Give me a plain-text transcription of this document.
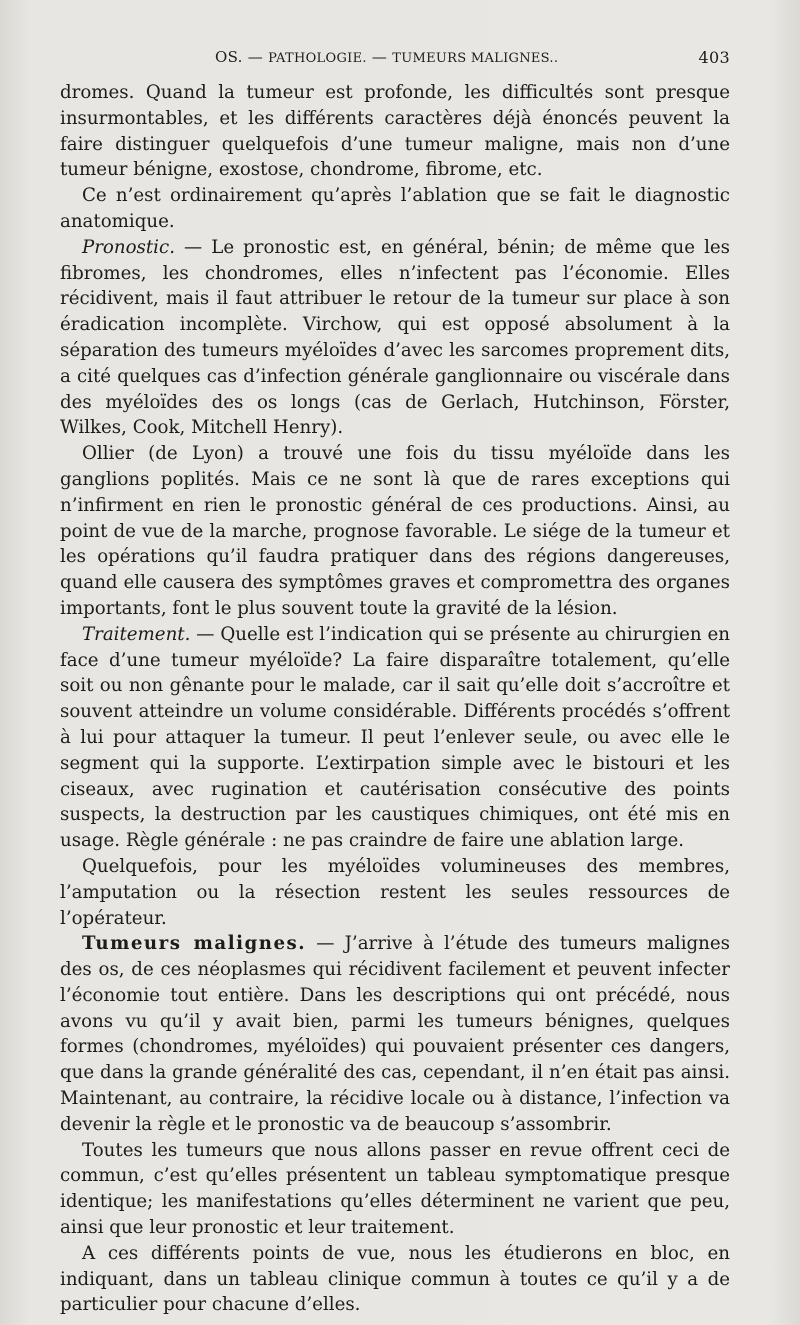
OS. — PATHOLOGIE. — TUMEURS MALIGNES..	403

dromes. Quand la tumeur est profonde, les difficultés sont presque insurmontables, et les différents caractères déjà énoncés peuvent la faire distinguer quelquefois d’une tumeur maligne, mais non d’une tumeur bénigne, exostose, chondrome, fibrome, etc.

Ce n’est ordinairement qu’après l’ablation que se fait le diagnostic anatomique.

Pronostic. — Le pronostic est, en général, bénin; de même que les fibromes, les chondromes, elles n’infectent pas l’économie. Elles récidivent, mais il faut attribuer le retour de la tumeur sur place à son éradication incomplète. Virchow, qui est opposé absolument à la séparation des tumeurs myéloïdes d’avec les sarcomes proprement dits, a cité quelques cas d’infection générale ganglionnaire ou viscérale dans des myéloïdes des os longs (cas de Gerlach, Hutchinson, Förster, Wilkes, Cook, Mitchell Henry).

Ollier (de Lyon) a trouvé une fois du tissu myéloïde dans les ganglions poplités. Mais ce ne sont là que de rares exceptions qui n’infirment en rien le pronostic général de ces productions. Ainsi, au point de vue de la marche, prognose favorable. Le siége de la tumeur et les opérations qu’il faudra pratiquer dans des régions dangereuses, quand elle causera des symptômes graves et compromettra des organes importants, font le plus souvent toute la gravité de la lésion.

Traitement. — Quelle est l’indication qui se présente au chirurgien en face d’une tumeur myéloïde? La faire disparaître totalement, qu’elle soit ou non gênante pour le malade, car il sait qu’elle doit s’accroître et souvent atteindre un volume considérable. Différents procédés s’offrent à lui pour attaquer la tumeur. Il peut l’enlever seule, ou avec elle le segment qui la supporte. L’extirpation simple avec le bistouri et les ciseaux, avec rugination et cautérisation consécutive des points suspects, la destruction par les caustiques chimiques, ont été mis en usage. Règle générale : ne pas craindre de faire une ablation large.

Quelquefois, pour les myéloïdes volumineuses des membres, l’amputation ou la résection restent les seules ressources de l’opérateur.

Tumeurs malignes. — J’arrive à l’étude des tumeurs malignes des os, de ces néoplasmes qui récidivent facilement et peuvent infecter l’économie tout entière. Dans les descriptions qui ont précédé, nous avons vu qu’il y avait bien, parmi les tumeurs bénignes, quelques formes (chondromes, myéloïdes) qui pouvaient présenter ces dangers, que dans la grande généralité des cas, cependant, il n’en était pas ainsi. Maintenant, au contraire, la récidive locale ou à distance, l’infection va devenir la règle et le pronostic va de beaucoup s’assombrir.

Toutes les tumeurs que nous allons passer en revue offrent ceci de commun, c’est qu’elles présentent un tableau symptomatique presque identique; les manifestations qu’elles déterminent ne varient que peu, ainsi que leur pronostic et leur traitement.

A ces différents points de vue, nous les étudierons en bloc, en indiquant, dans un tableau clinique commun à toutes ce qu’il y a de particulier pour chacune d’elles.
